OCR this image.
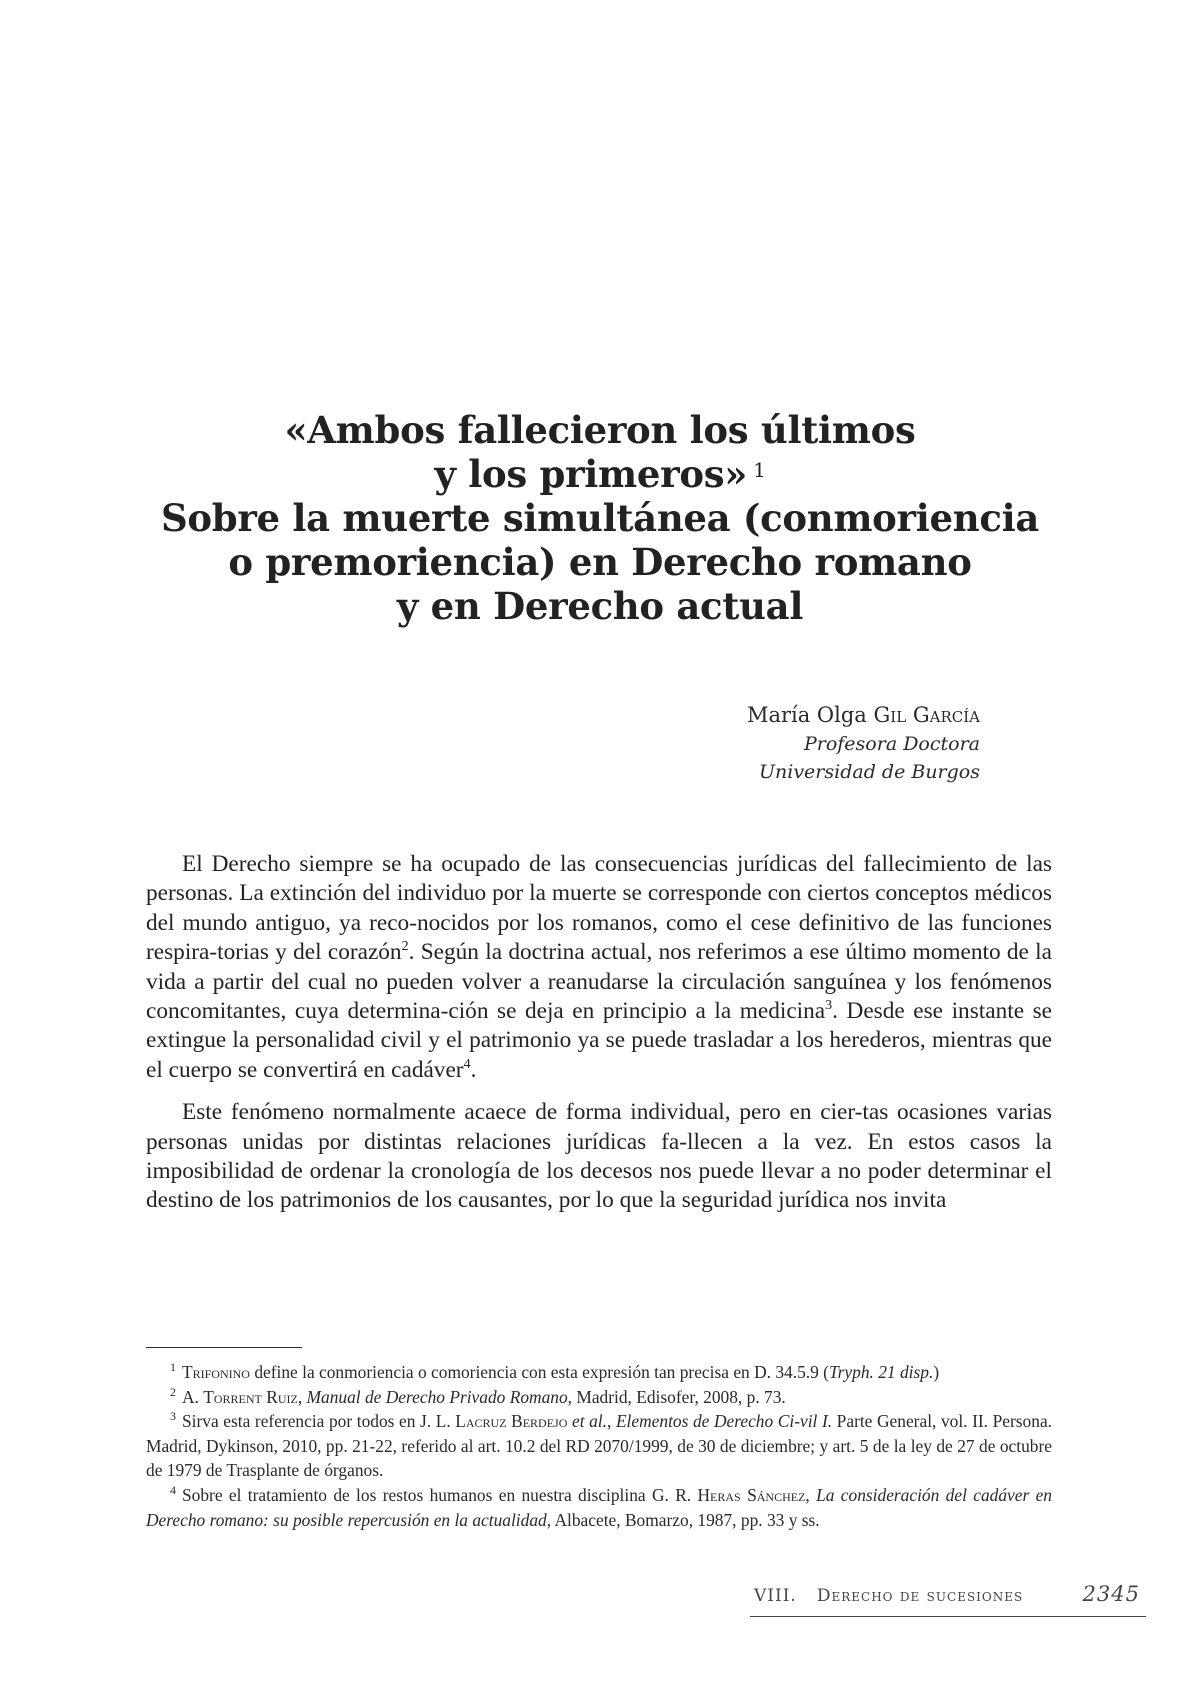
«Ambos fallecieron los últimos
y los primeros» $^1$
Sobre la muerte simultánea (conmoriencia
o premoriencia) en Derecho romano
y en Derecho actual
María Olga Gil García
Profesora Doctora
Universidad de Burgos

El Derecho siempre se ha ocupado de las consecuencias jurídicas del fallecimiento de las personas. La extinción del individuo por la muerte se corresponde con ciertos conceptos médicos del mundo antiguo, ya reco-nocidos por los romanos, como el cese definitivo de las funciones respira-torias y del corazón$^2$. Según la doctrina actual, nos referimos a ese último momento de la vida a partir del cual no pueden volver a reanudarse la circulación sanguínea y los fenómenos concomitantes, cuya determina-ción se deja en principio a la medicina$^3$. Desde ese instante se extingue la personalidad civil y el patrimonio ya se puede trasladar a los herederos, mientras que el cuerpo se convertirá en cadáver$^4$.

Este fenómeno normalmente acaece de forma individual, pero en cier-tas ocasiones varias personas unidas por distintas relaciones jurídicas fa-llecen a la vez. En estos casos la imposibilidad de ordenar la cronología de los decesos nos puede llevar a no poder determinar el destino de los patrimonios de los causantes, por lo que la seguridad jurídica nos invita

$^1$ Trifonino define la conmoriencia o comoriencia con esta expresión tan precisa en D. 34.5.9 (Tryph. 21 disp.)

$^2$ A. Torrent Ruiz, Manual de Derecho Privado Romano, Madrid, Edisofer, 2008, p. 73.

$^3$ Sirva esta referencia por todos en J. L. Lacruz Berdejo et al., Elementos de Derecho Ci-vil I. Parte General, vol. II. Persona. Madrid, Dykinson, 2010, pp. 21-22, referido al art. 10.2 del RD 2070/1999, de 30 de diciembre; y art. 5 de la ley de 27 de octubre de 1979 de Trasplante de órganos.

$^4$ Sobre el tratamiento de los restos humanos en nuestra disciplina G. R. Heras Sánchez, La consideración del cadáver en Derecho romano: su posible repercusión en la actualidad, Albacete, Bomarzo, 1987, pp. 33 y ss.

VIII. Derecho de sucesiones	2345
